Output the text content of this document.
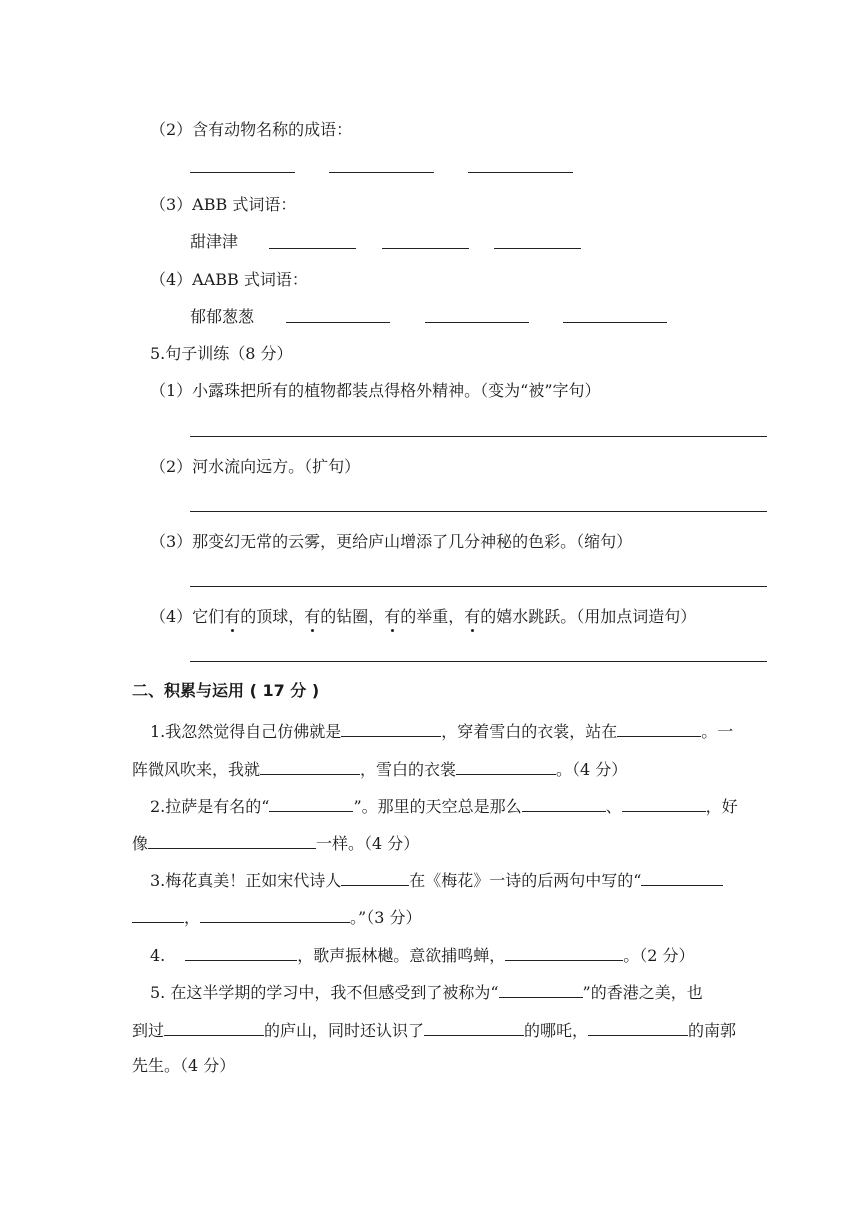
（2）含有动物名称的成语：
（3）ABB 式词语：
甜津津
（4）AABB 式词语：
郁郁葱葱
5.句子训练（8 分）
（1）小露珠把所有的植物都装点得格外精神。（变为“被”字句）
（2）河水流向远方。（扩句）
（3）那变幻无常的云雾，更给庐山增添了几分神秘的色彩。（缩句）
（4）它们有的顶球，有的钻圈，有的举重，有的嬉水跳跃。（用加点词造句）
二、积累与运用 ( 17 分 )
1.我忽然觉得自己仿佛就是	，穿着雪白的衣裳，站在	。一
阵微风吹来，我就	，雪白的衣裳	。（4 分）
2.拉萨是有名的“	”。那里的天空总是那么	、	，好
像	一样。（4 分）
3.梅花真美！正如宋代诗人	在《梅花》一诗的后两句中写的“
，	。”（3 分）
4.	，歌声振林樾。意欲捕鸣蝉，	。（2 分）
5. 在这半学期的学习中，我不但感受到了被称为“	”的香港之美，也
到过	的庐山，同时还认识了	的哪吒，	的南郭
先生。（4 分）
